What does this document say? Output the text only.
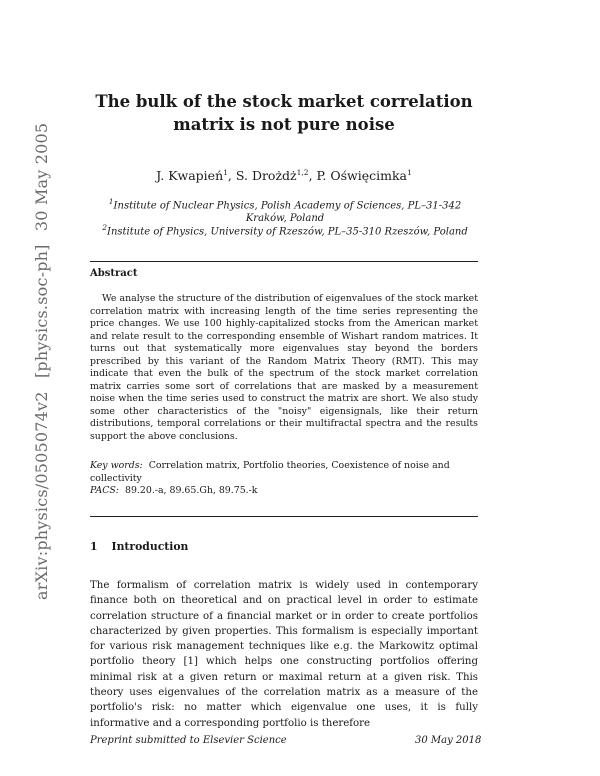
arXiv:physics/0505074v2 [physics.soc-ph] 30 May 2005
The bulk of the stock market correlation matrix is not pure noise
J. Kwapień$^1$, S. Drożdż$^{1,2}$, P. Oświęcimka$^1$
$^1$Institute of Nuclear Physics, Polish Academy of Sciences, PL–31-342 Kraków, Poland
$^2$Institute of Physics, University of Rzeszów, PL–35-310 Rzeszów, Poland
Abstract
We analyse the structure of the distribution of eigenvalues of the stock market correlation matrix with increasing length of the time series representing the price changes. We use 100 highly-capitalized stocks from the American market and relate result to the corresponding ensemble of Wishart random matrices. It turns out that systematically more eigenvalues stay beyond the borders prescribed by this variant of the Random Matrix Theory (RMT). This may indicate that even the bulk of the spectrum of the stock market correlation matrix carries some sort of correlations that are masked by a measurement noise when the time series used to construct the matrix are short. We also study some other characteristics of the "noisy" eigensignals, like their return distributions, temporal correlations or their multifractal spectra and the results support the above conclusions.
Key words: Correlation matrix, Portfolio theories, Coexistence of noise and collectivity
PACS: 89.20.-a, 89.65.Gh, 89.75.-k
1 Introduction
The formalism of correlation matrix is widely used in contemporary finance both on theoretical and on practical level in order to estimate correlation structure of a financial market or in order to create portfolios characterized by given properties. This formalism is especially important for various risk management techniques like e.g. the Markowitz optimal portfolio theory [1] which helps one constructing portfolios offering minimal risk at a given return or maximal return at a given risk. This theory uses eigenvalues of the correlation matrix as a measure of the portfolio's risk: no matter which eigenvalue one uses, it is fully informative and a corresponding portfolio is therefore
Preprint submitted to Elsevier Science	30 May 2018
